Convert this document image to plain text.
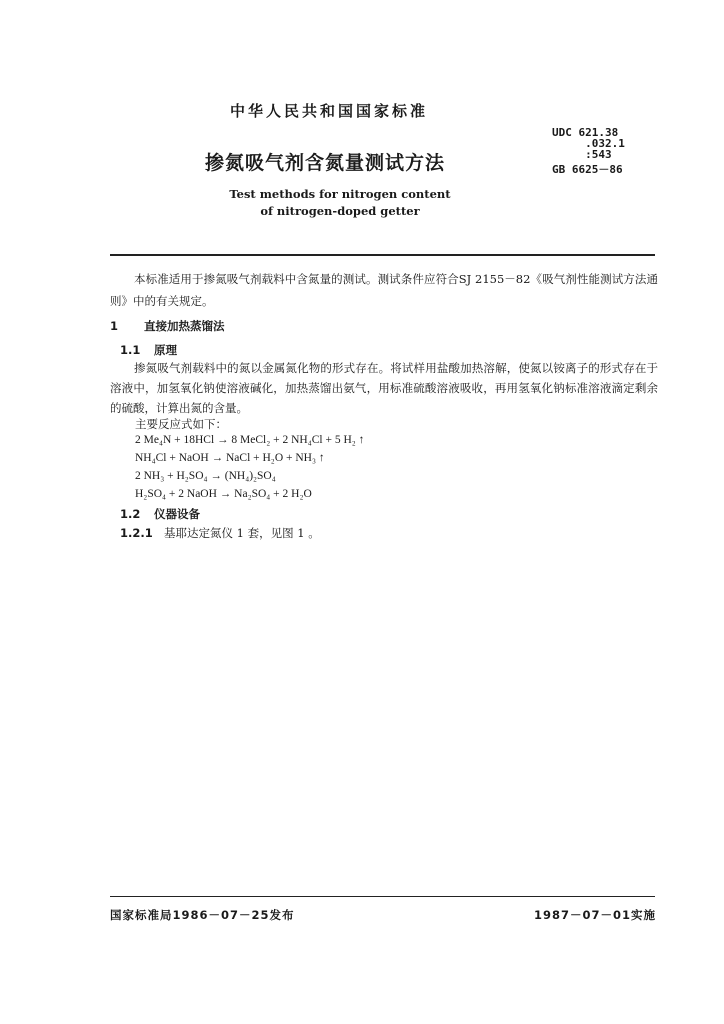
中华人民共和国国家标准
掺氮吸气剂含氮量测试方法
Test methods for nitrogen content
of nitrogen-doped getter
UDC 621.38
.032.1
:543
GB 6625－86
本标准适用于掺氮吸气剂载料中含氮量的测试。测试条件应符合SJ 2155－82《吸气剂性能测试方法通则》中的有关规定。
1 直接加热蒸馏法
1.1 原理
掺氮吸气剂载料中的氮以金属氮化物的形式存在。将试样用盐酸加热溶解，使氮以铵离子的形式存在于溶液中，加氢氧化钠使溶液碱化，加热蒸馏出氨气，用标准硫酸溶液吸收，再用氢氧化钠标准溶液滴定剩余的硫酸，计算出氮的含量。
主要反应式如下：
2 Me₄N + 18HCl → 8 MeCl₂ + 2 NH₄Cl + 5 H₂ ↑
NH₄Cl + NaOH → NaCl + H₂O + NH₃ ↑
2 NH₃ + H₂SO₄ → (NH₄)₂SO₄
H₂SO₄ + 2 NaOH → Na₂SO₄ + 2 H₂O
1.2 仪器设备
1.2.1 基耶达定氮仪 1 套，见图 1 。
国家标准局1986－07－25发布	1987－07－01实施
